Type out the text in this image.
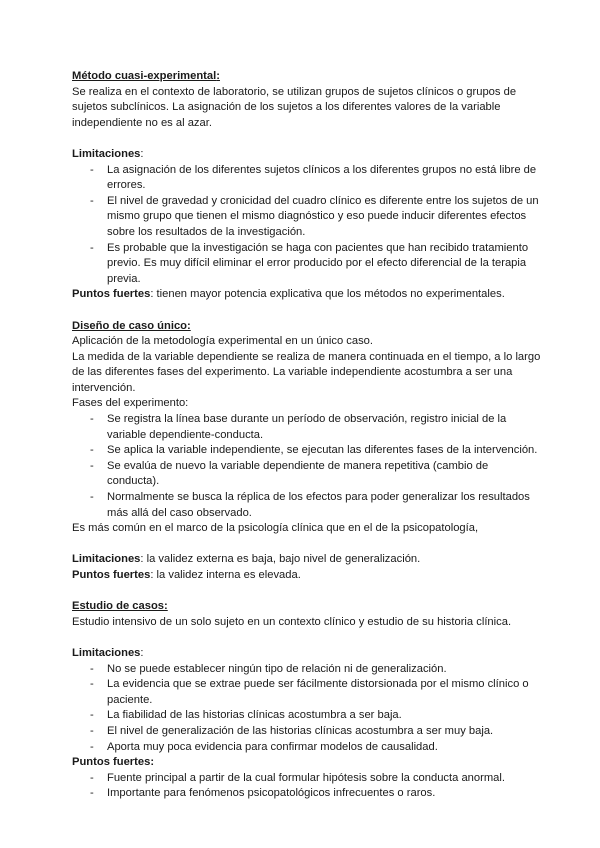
Método cuasi-experimental:

Se realiza en el contexto de laboratorio, se utilizan grupos de sujetos clínicos o grupos de sujetos subclínicos. La asignación de los sujetos a los diferentes valores de la variable independiente no es al azar.

Limitaciones:

- La asignación de los diferentes sujetos clínicos a los diferentes grupos no está libre de errores.
- El nivel de gravedad y cronicidad del cuadro clínico es diferente entre los sujetos de un mismo grupo que tienen el mismo diagnóstico y eso puede inducir diferentes efectos sobre los resultados de la investigación.
- Es probable que la investigación se haga con pacientes que han recibido tratamiento previo. Es muy difícil eliminar el error producido por el efecto diferencial de la terapia previa.

Puntos fuertes: tienen mayor potencia explicativa que los métodos no experimentales.

Diseño de caso único:

Aplicación de la metodología experimental en un único caso.

La medida de la variable dependiente se realiza de manera continuada en el tiempo, a lo largo de las diferentes fases del experimento. La variable independiente acostumbra a ser una intervención.

Fases del experimento:

- Se registra la línea base durante un período de observación, registro inicial de la variable dependiente-conducta.
- Se aplica la variable independiente, se ejecutan las diferentes fases de la intervención.
- Se evalúa de nuevo la variable dependiente de manera repetitiva (cambio de conducta).
- Normalmente se busca la réplica de los efectos para poder generalizar los resultados más allá del caso observado.

Es más común en el marco de la psicología clínica que en el de la psicopatología,

Limitaciones: la validez externa es baja, bajo nivel de generalización.

Puntos fuertes: la validez interna es elevada.

Estudio de casos:

Estudio intensivo de un solo sujeto en un contexto clínico y estudio de su historia clínica.

Limitaciones:

- No se puede establecer ningún tipo de relación ni de generalización.
- La evidencia que se extrae puede ser fácilmente distorsionada por el mismo clínico o paciente.
- La fiabilidad de las historias clínicas acostumbra a ser baja.
- El nivel de generalización de las historias clínicas acostumbra a ser muy baja.
- Aporta muy poca evidencia para confirmar modelos de causalidad.

Puntos fuertes:

- Fuente principal a partir de la cual formular hipótesis sobre la conducta anormal.
- Importante para fenómenos psicopatológicos infrecuentes o raros.
